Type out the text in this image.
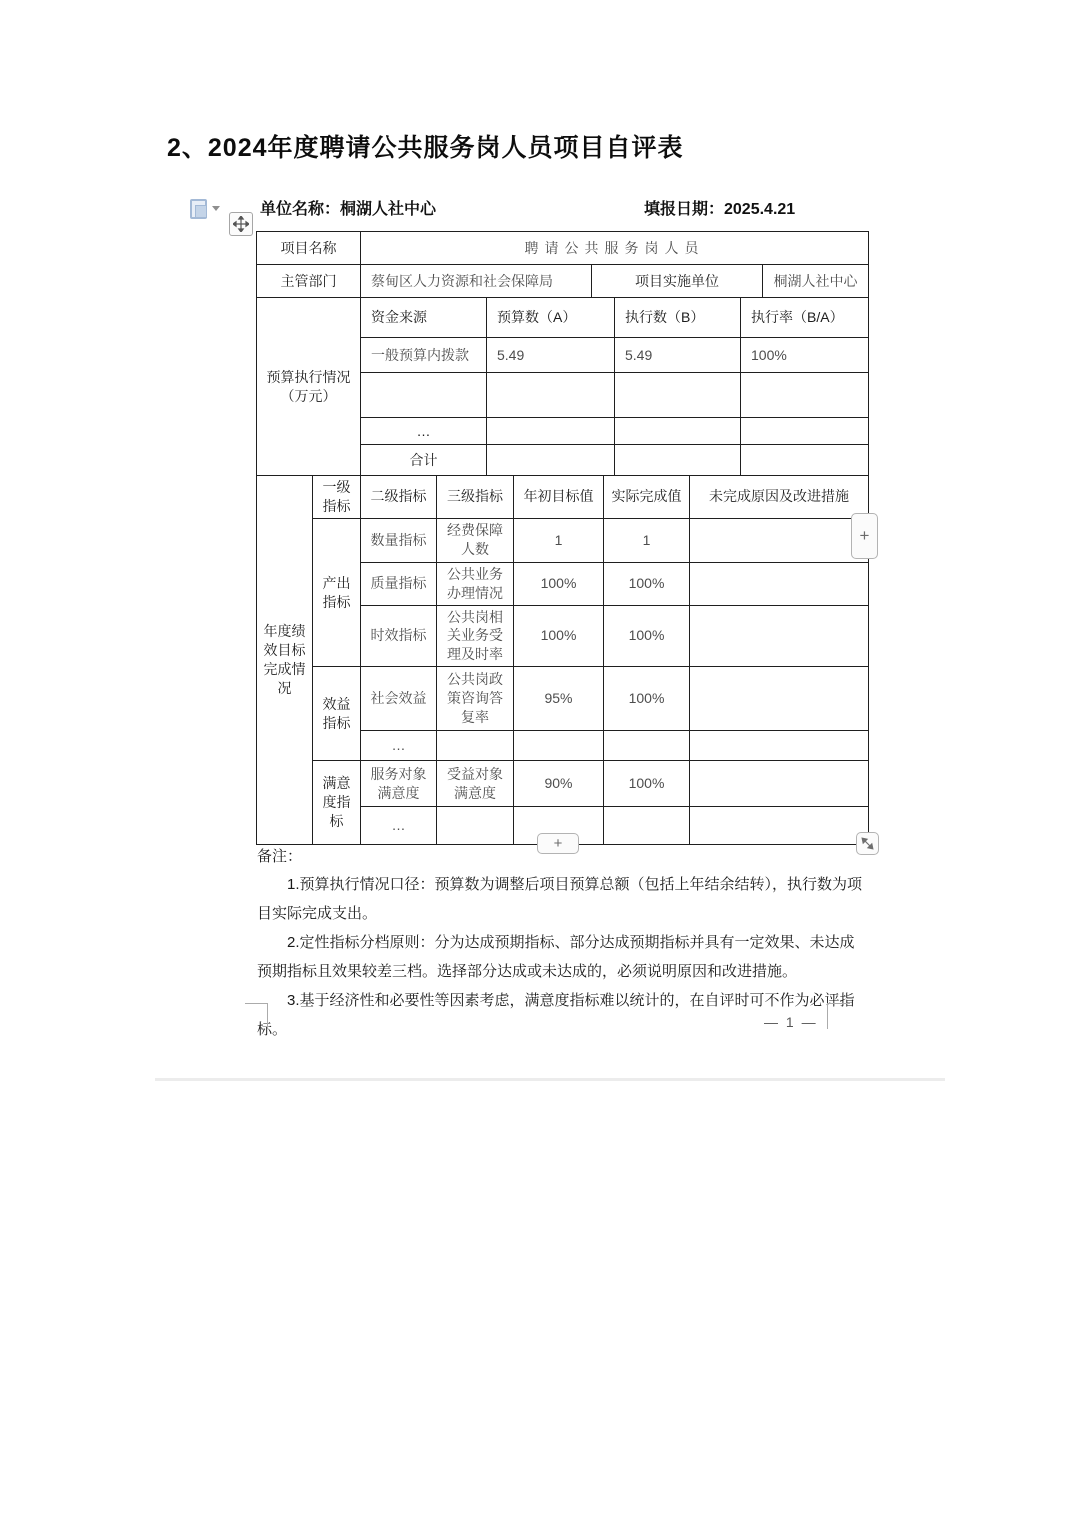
2、2024年度聘请公共服务岗人员项目自评表
单位名称：桐湖人社中心	填报日期：2025.4.21
项目名称	聘请公共服务岗人员		
主管部门	蔡甸区人力资源和社会保障局	项目实施单位	桐湖人社中心
预算执行情况（万元）	资金来源	预算数（A）	执行数（B）	执行率（B/A）
	一般预算内拨款	5.49	5.49	100%

	…			
	合计			
年度绩效目标完成情况	一级指标	二级指标	三级指标	年初目标值	实际完成值	未完成原因及改进措施
	产出指标	数量指标	经费保障人数	1	1	
		质量指标	公共业务办理情况	100%	100%	
		时效指标	公共岗相关业务受理及时率	100%	100%	
	效益指标	社会效益	公共岗政策咨询答复率	95%	100%	
		…				
	满意度指标	服务对象满意度	受益对象满意度	90%	100%	
		…				
+
+
备注：

1.预算执行情况口径：预算数为调整后项目预算总额（包括上年结余结转），执行数为项目实际完成支出。

2.定性指标分档原则：分为达成预期指标、部分达成预期指标并具有一定效果、未达成预期指标且效果较差三档。选择部分达成或未达成的，必须说明原因和改进措施。

3.基于经济性和必要性等因素考虑，满意度指标难以统计的，在自评时可不作为必评指标。	— 1 —
